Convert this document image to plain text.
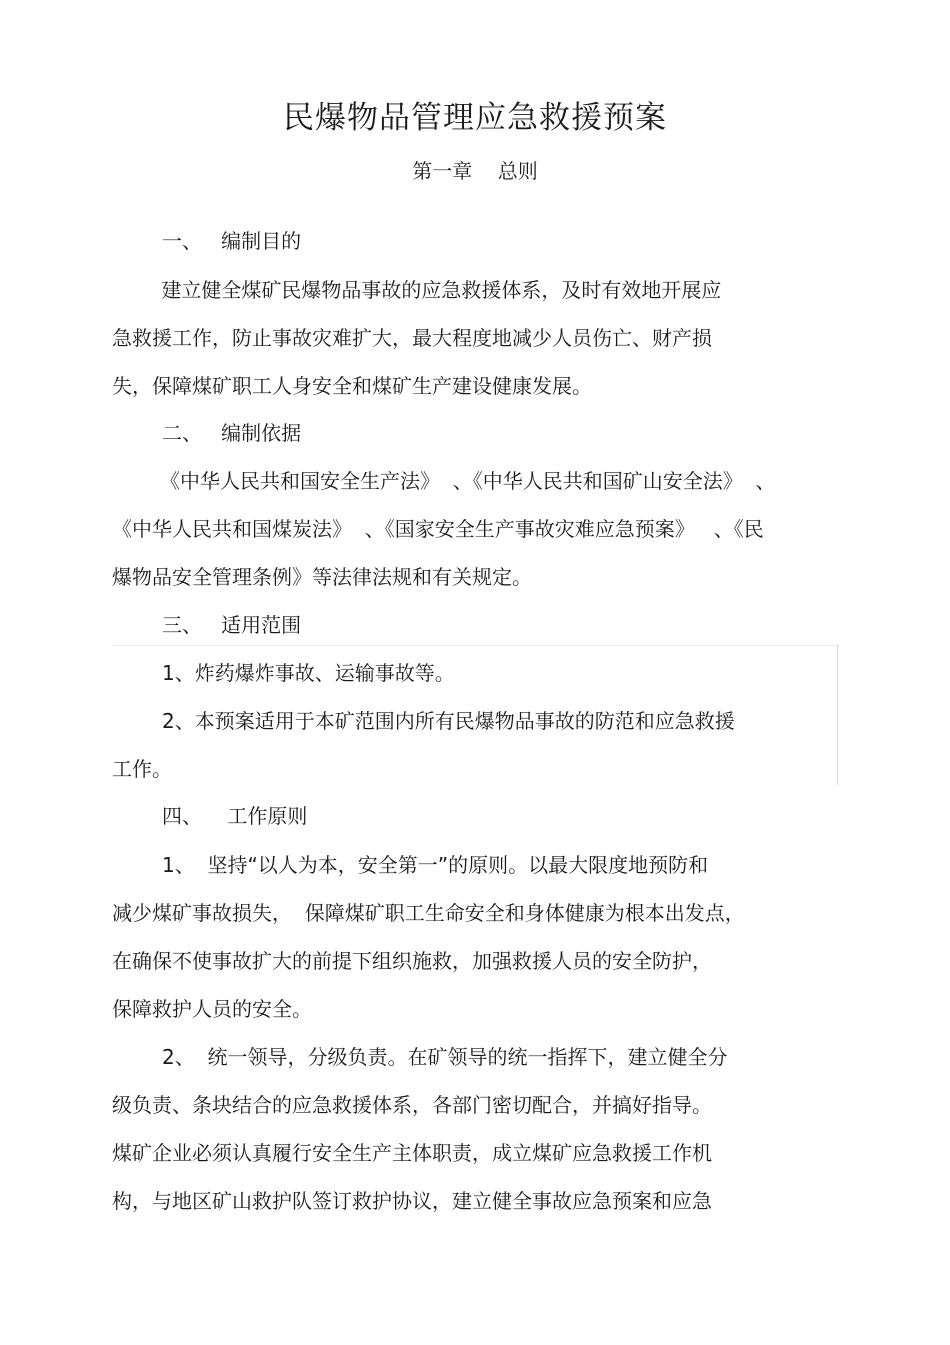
民爆物品管理应急救援预案
第一章    总则
一、   编制目的
建立健全煤矿民爆物品事故的应急救援体系，及时有效地开展应
急救援工作，防止事故灾难扩大，最大程度地减少人员伤亡、财产损
失，保障煤矿职工人身安全和煤矿生产建设健康发展。
二、   编制依据
《中华人民共和国安全生产法》  、《中华人民共和国矿山安全法》  、
《中华人民共和国煤炭法》  、《国家安全生产事故灾难应急预案》   、《民
爆物品安全管理条例》等法律法规和有关规定。
三、   适用范围
1、炸药爆炸事故、运输事故等。
2、本预案适用于本矿范围内所有民爆物品事故的防范和应急救援
工作。
四、    工作原则
1、  坚持“以人为本，安全第一”的原则。以最大限度地预防和
减少煤矿事故损失，  保障煤矿职工生命安全和身体健康为根本出发点，
在确保不使事故扩大的前提下组织施救，加强救援人员的安全防护，
保障救护人员的安全。
2、  统一领导，分级负责。在矿领导的统一指挥下，建立健全分
级负责、条块结合的应急救援体系，各部门密切配合，并搞好指导。
煤矿企业必须认真履行安全生产主体职责，成立煤矿应急救援工作机
构，与地区矿山救护队签订救护协议，建立健全事故应急预案和应急
